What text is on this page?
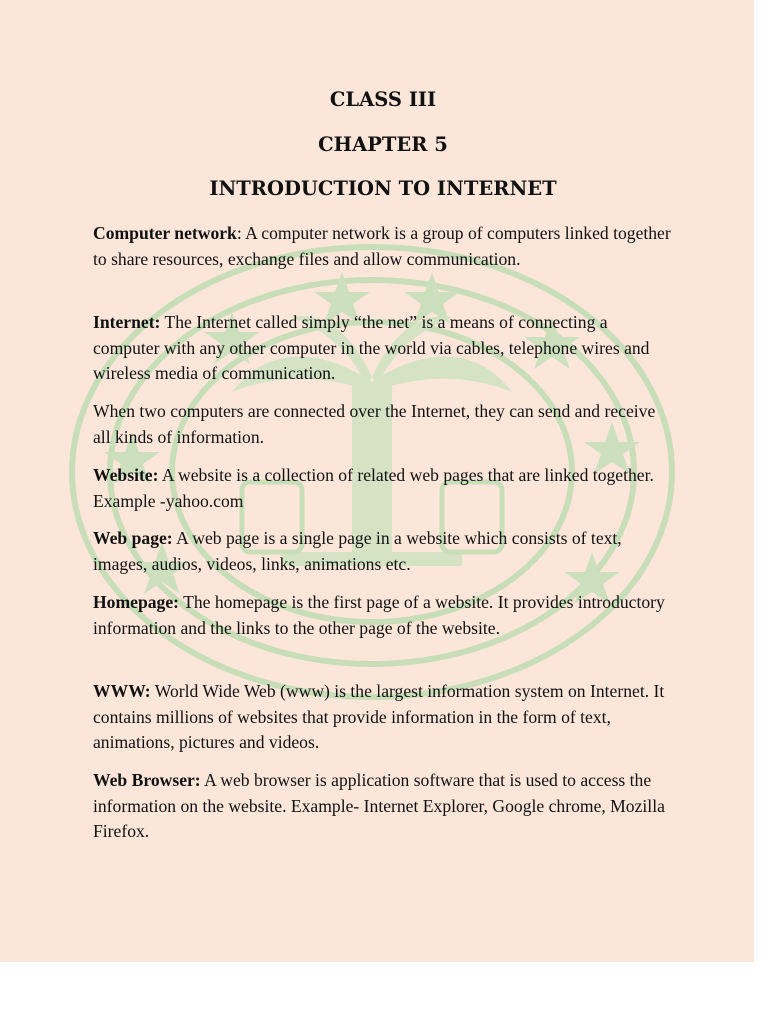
CLASS III
CHAPTER 5
INTRODUCTION TO INTERNET

Computer network: A computer network is a group of computers linked together to share resources, exchange files and allow communication.

Internet: The Internet called simply “the net” is a means of connecting a computer with any other computer in the world via cables, telephone wires and wireless media of communication.

When two computers are connected over the Internet, they can send and receive all kinds of information.

Website: A website is a collection of related web pages that are linked together. Example -yahoo.com

Web page: A web page is a single page in a website which consists of text, images, audios, videos, links, animations etc.

Homepage: The homepage is the first page of a website. It provides introductory information and the links to the other page of the website.

WWW: World Wide Web (www) is the largest information system on Internet. It contains millions of websites that provide information in the form of text, animations, pictures and videos.

Web Browser: A web browser is application software that is used to access the information on the website. Example- Internet Explorer, Google chrome, Mozilla Firefox.
